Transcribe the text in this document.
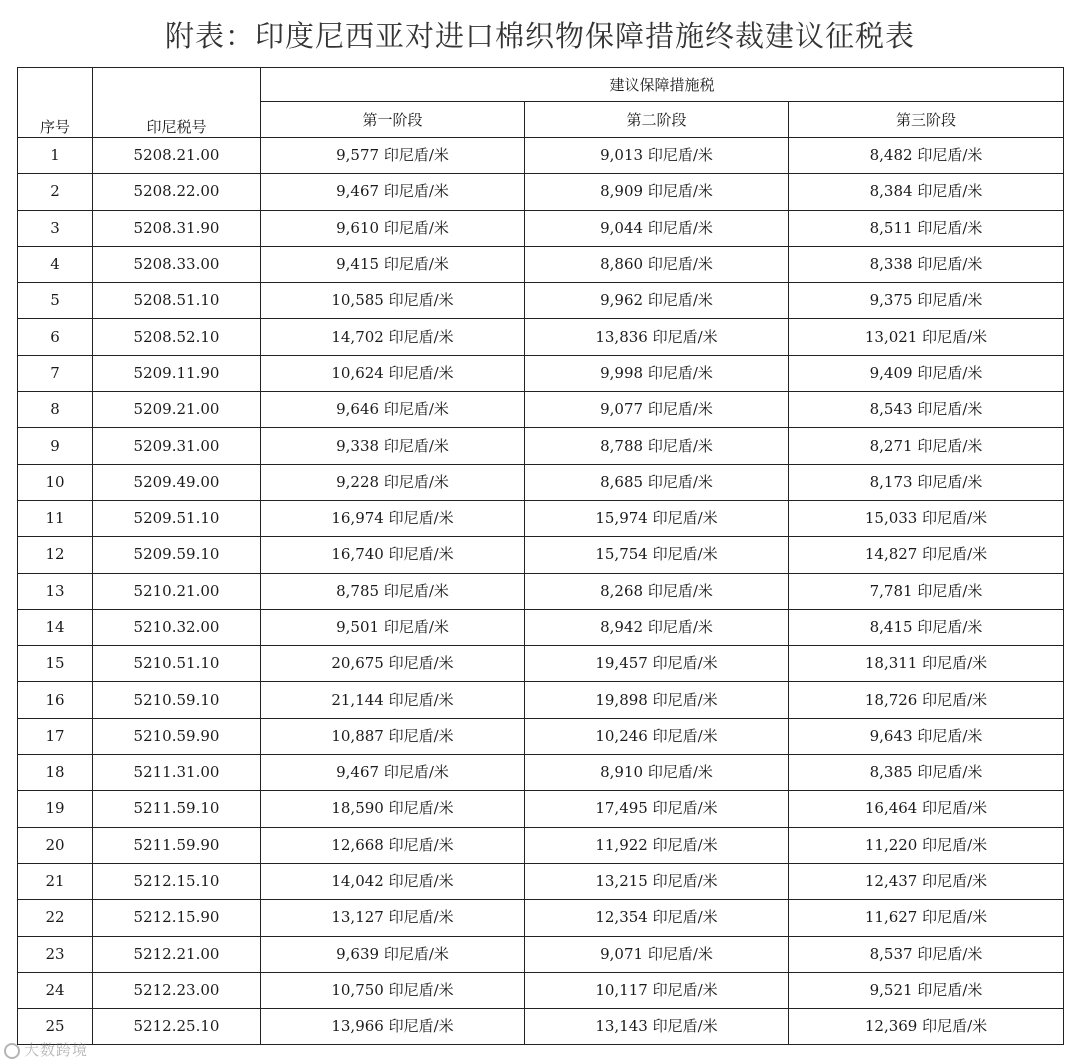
附表：印度尼西亚对进口棉织物保障措施终裁建议征税表
序号	印尼税号	建议保障措施税		
		第一阶段	第二阶段	第三阶段
1	5208.21.00	9,577 印尼盾/米	9,013 印尼盾/米	8,482 印尼盾/米
2	5208.22.00	9,467 印尼盾/米	8,909 印尼盾/米	8,384 印尼盾/米
3	5208.31.90	9,610 印尼盾/米	9,044 印尼盾/米	8,511 印尼盾/米
4	5208.33.00	9,415 印尼盾/米	8,860 印尼盾/米	8,338 印尼盾/米
5	5208.51.10	10,585 印尼盾/米	9,962 印尼盾/米	9,375 印尼盾/米
6	5208.52.10	14,702 印尼盾/米	13,836 印尼盾/米	13,021 印尼盾/米
7	5209.11.90	10,624 印尼盾/米	9,998 印尼盾/米	9,409 印尼盾/米
8	5209.21.00	9,646 印尼盾/米	9,077 印尼盾/米	8,543 印尼盾/米
9	5209.31.00	9,338 印尼盾/米	8,788 印尼盾/米	8,271 印尼盾/米
10	5209.49.00	9,228 印尼盾/米	8,685 印尼盾/米	8,173 印尼盾/米
11	5209.51.10	16,974 印尼盾/米	15,974 印尼盾/米	15,033 印尼盾/米
12	5209.59.10	16,740 印尼盾/米	15,754 印尼盾/米	14,827 印尼盾/米
13	5210.21.00	8,785 印尼盾/米	8,268 印尼盾/米	7,781 印尼盾/米
14	5210.32.00	9,501 印尼盾/米	8,942 印尼盾/米	8,415 印尼盾/米
15	5210.51.10	20,675 印尼盾/米	19,457 印尼盾/米	18,311 印尼盾/米
16	5210.59.10	21,144 印尼盾/米	19,898 印尼盾/米	18,726 印尼盾/米
17	5210.59.90	10,887 印尼盾/米	10,246 印尼盾/米	9,643 印尼盾/米
18	5211.31.00	9,467 印尼盾/米	8,910 印尼盾/米	8,385 印尼盾/米
19	5211.59.10	18,590 印尼盾/米	17,495 印尼盾/米	16,464 印尼盾/米
20	5211.59.90	12,668 印尼盾/米	11,922 印尼盾/米	11,220 印尼盾/米
21	5212.15.10	14,042 印尼盾/米	13,215 印尼盾/米	12,437 印尼盾/米
22	5212.15.90	13,127 印尼盾/米	12,354 印尼盾/米	11,627 印尼盾/米
23	5212.21.00	9,639 印尼盾/米	9,071 印尼盾/米	8,537 印尼盾/米
24	5212.23.00	10,750 印尼盾/米	10,117 印尼盾/米	9,521 印尼盾/米
25	5212.25.10	13,966 印尼盾/米	13,143 印尼盾/米	12,369 印尼盾/米
大数跨境
